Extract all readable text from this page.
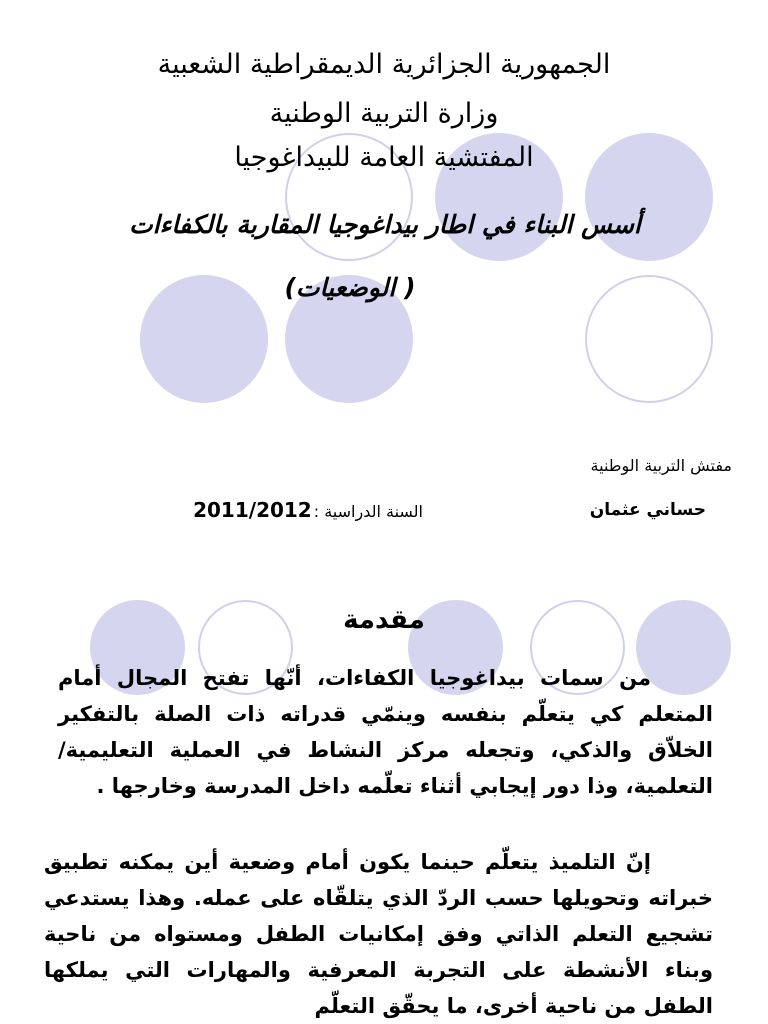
الجمهورية الجزائرية الديمقراطية الشعبية

وزارة التربية الوطنية

المفتشية العامة للبيداغوجيا

أسس البناء في اطار بيداغوجيا المقاربة بالكفاءات

( الوضعيات)

مفتش التربية الوطنية

حساني عثمان

السنة الدراسية :2011/2012

مقدمة

من سمات بيداغوجيا الكفاءات، أنّها تفتح المجال أمام المتعلم كي يتعلّم بنفسه وينمّي قدراته ذات الصلة بالتفكير الخلاّق والذكي، وتجعله مركز النشاط في العملية التعليمية/ التعلمية، وذا دور إيجابي أثناء تعلّمه داخل المدرسة وخارجها .

إنّ التلميذ يتعلّم حينما يكون أمام وضعية أين يمكنه تطبيق خبراته وتحويلها حسب الردّ الذي يتلقّاه على عمله. وهذا يستدعي تشجيع التعلم الذاتي وفق إمكانيات الطفل ومستواه من ناحية وبناء الأنشطة على التجربة المعرفية والمهارات التي يملكها الطفل من ناحية أخرى، ما يحقّق التعلّم
